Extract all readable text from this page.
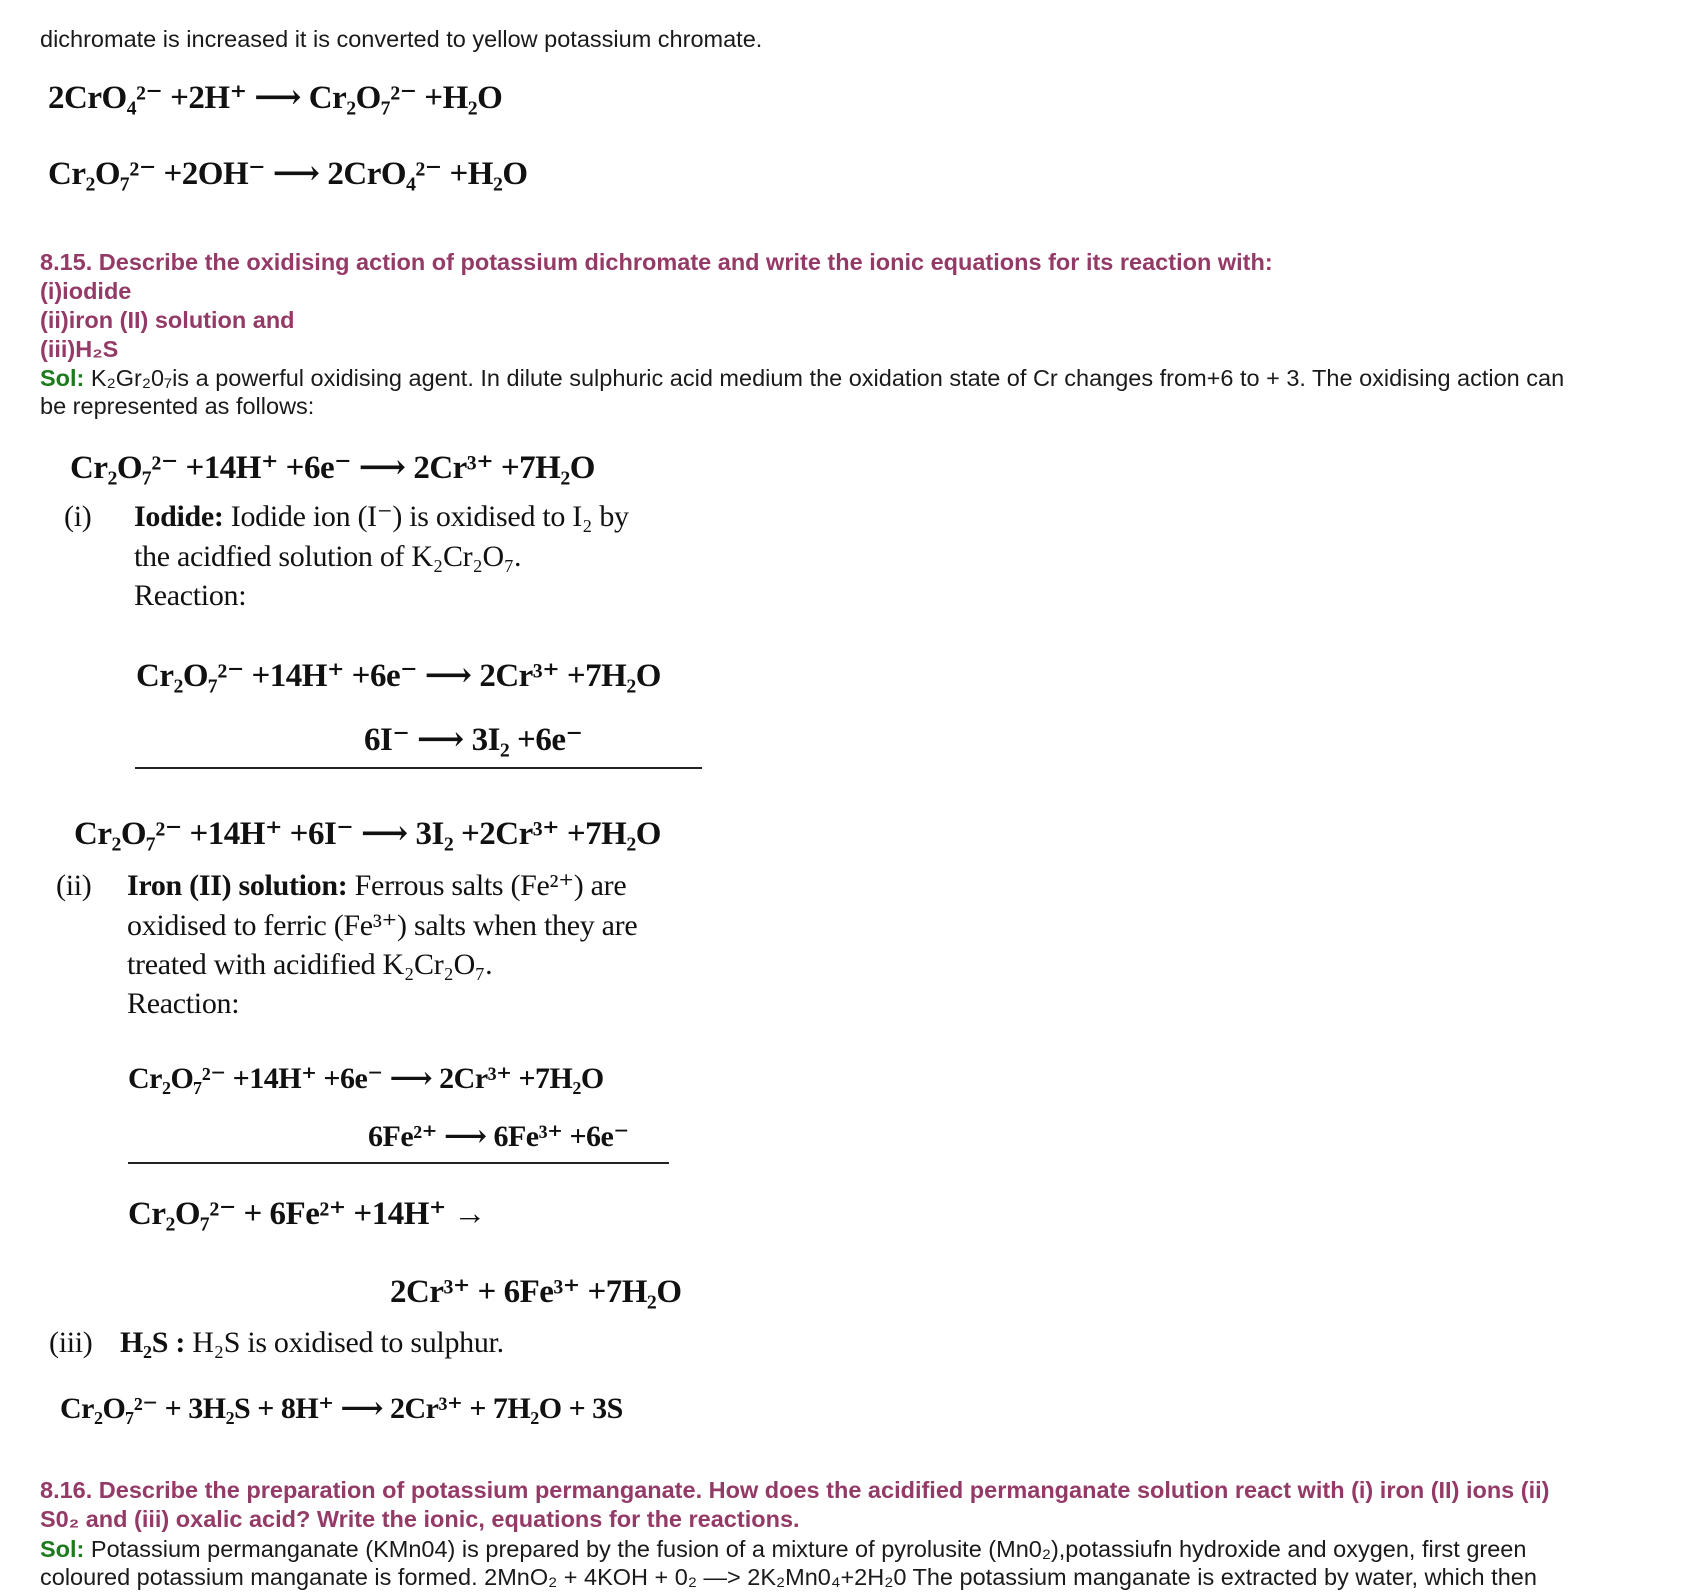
dichromate is increased it is converted to yellow potassium chromate.
2CrO₄²⁻ +2H⁺ ⟶ Cr₂O₇²⁻ +H₂O
Cr₂O₇²⁻ +2OH⁻ ⟶ 2CrO₄²⁻ +H₂O
8.15. Describe the oxidising action of potassium dichromate and write the ionic equations for its reaction with:
(i)iodide
(ii)iron (II) solution and
(iii)H₂S
Sol: K₂Gr₂0₇is a powerful oxidising agent. In dilute sulphuric acid medium the oxidation state of Cr changes from+6 to + 3. The oxidising action can
be represented as follows:
Cr₂O₇²⁻ +14H⁺ +6e⁻ ⟶ 2Cr³⁺ +7H₂O
(i) Iodide: Iodide ion (I⁻) is oxidised to I₂ by
the acidfied solution of K₂Cr₂O₇.
Reaction:
Cr₂O₇²⁻ +14H⁺ +6e⁻ ⟶ 2Cr³⁺ +7H₂O
6I⁻ ⟶ 3I₂ +6e⁻
Cr₂O₇²⁻ +14H⁺ +6I⁻ ⟶ 3I₂ +2Cr³⁺ +7H₂O
(ii) Iron (II) solution: Ferrous salts (Fe²⁺) are
oxidised to ferric (Fe³⁺) salts when they are
treated with acidified K₂Cr₂O₇.
Reaction:
Cr₂O₇²⁻ +14H⁺ +6e⁻ ⟶ 2Cr³⁺ +7H₂O
6Fe²⁺ ⟶ 6Fe³⁺ +6e⁻
Cr₂O₇²⁻ + 6Fe²⁺ +14H⁺ →
2Cr³⁺ + 6Fe³⁺ +7H₂O
(iii) H₂S : H₂S is oxidised to sulphur.
Cr₂O₇²⁻ + 3H₂S + 8H⁺ ⟶ 2Cr³⁺ + 7H₂O + 3S
8.16. Describe the preparation of potassium permanganate. How does the acidified permanganate solution react with (i) iron (II) ions (ii)
S0₂ and (iii) oxalic acid? Write the ionic, equations for the reactions.
Sol: Potassium permanganate (KMn04) is prepared by the fusion of a mixture of pyrolusite (Mn0₂),potassiufn hydroxide and oxygen, first green
coloured potassium manganate is formed. 2MnO₂ + 4KOH + 0₂ —> 2K₂Mn0₄+2H₂0 The potassium manganate is extracted by water, which then
